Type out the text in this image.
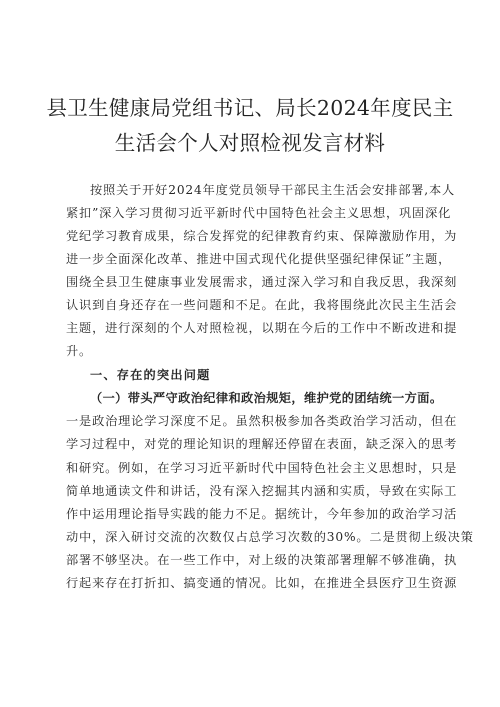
县卫生健康局党组书记、局长2024年度民主
生活会个人对照检视发言材料
按照关于开好2024年度党员领导干部民主生活会安排部署,本人
紧扣”深入学习贯彻习近平新时代中国特色社会主义思想，巩固深化
党纪学习教育成果，综合发挥党的纪律教育约束、保障激励作用，为
进一步全面深化改革、推进中国式现代化提供坚强纪律保证”主题，
围绕全县卫生健康事业发展需求，通过深入学习和自我反思，我深刻
认识到自身还存在一些问题和不足。在此，我将围绕此次民主生活会
主题，进行深刻的个人对照检视，以期在今后的工作中不断改进和提
升。
一、存在的突出问题
（一）带头严守政治纪律和政治规矩，维护党的团结统一方面。
一是政治理论学习深度不足。虽然积极参加各类政治学习活动，但在
学习过程中，对党的理论知识的理解还停留在表面，缺乏深入的思考
和研究。例如，在学习习近平新时代中国特色社会主义思想时，只是
简单地通读文件和讲话，没有深入挖掘其内涵和实质，导致在实际工
作中运用理论指导实践的能力不足。据统计，今年参加的政治学习活
动中，深入研讨交流的次数仅占总学习次数的30%。二是贯彻上级决策
部署不够坚决。在一些工作中，对上级的决策部署理解不够准确，执
行起来存在打折扣、搞变通的情况。比如，在推进全县医疗卫生资源
